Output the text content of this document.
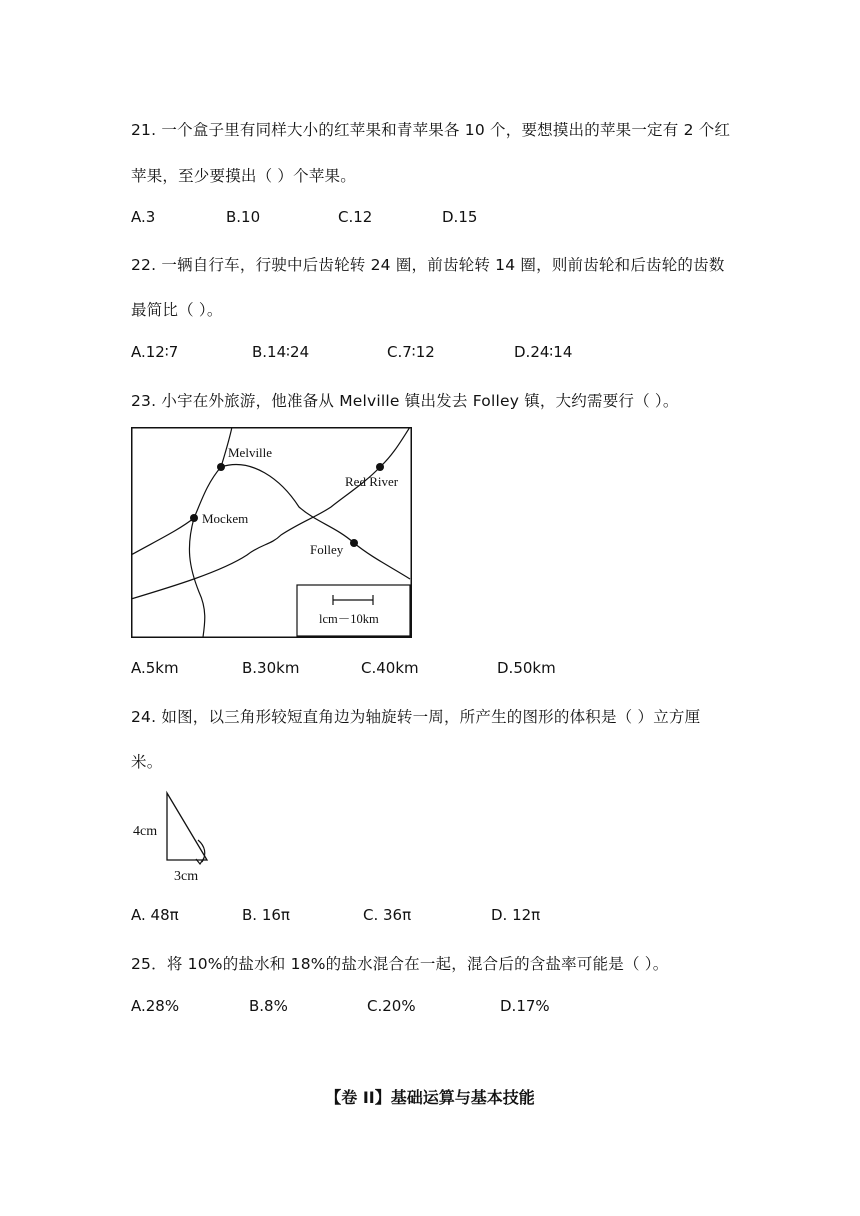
21. 一个盒子里有同样大小的红苹果和青苹果各 10 个，要想摸出的苹果一定有 2 个红
苹果，至少要摸出（ ）个苹果。
A.3	B.10	C.12	D.15
22. 一辆自行车，行驶中后齿轮转 24 圈，前齿轮转 14 圈，则前齿轮和后齿轮的齿数
最简比（ ）。
A.12∶7	B.14∶24	C.7∶12	D.24∶14
23. 小宇在外旅游，他准备从 Melville 镇出发去 Folley 镇，大约需要行（ ）。
lcm－10km
Melville
Red River
Mockem
Folley
A.5km	B.30km	C.40km	D.50km
24. 如图，以三角形较短直角边为轴旋转一周，所产生的图形的体积是（ ）立方厘
米。
4cm
3cm
A. 48π	B. 16π	C. 36π	D. 12π
25．将 10%的盐水和 18%的盐水混合在一起，混合后的含盐率可能是（ ）。
A.28%	B.8%	C.20%	D.17%
【卷 II】基础运算与基本技能
